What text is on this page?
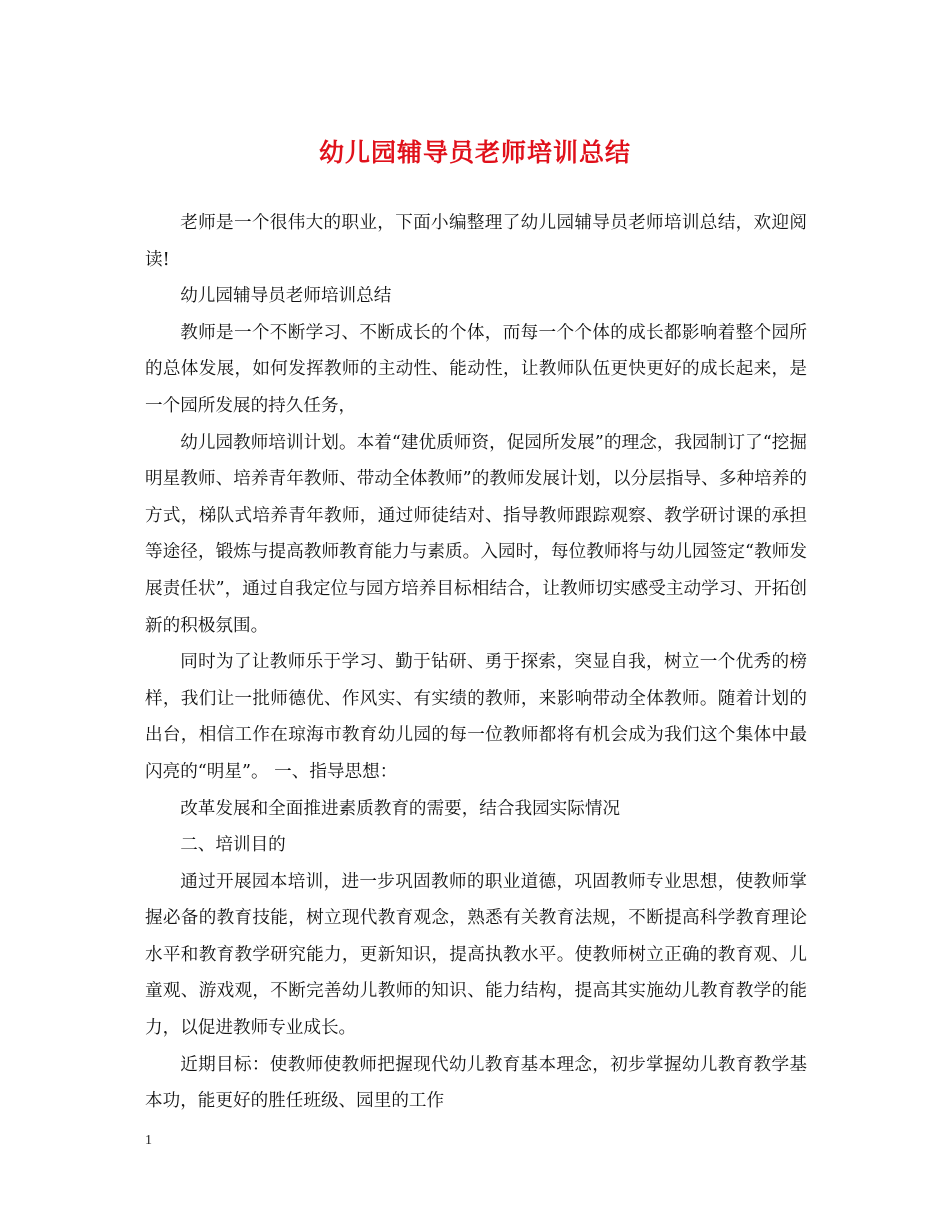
幼儿园辅导员老师培训总结

老师是一个很伟大的职业，下面小编整理了幼儿园辅导员老师培训总结，欢迎阅读!

幼儿园辅导员老师培训总结

教师是一个不断学习、不断成长的个体，而每一个个体的成长都影响着整个园所的总体发展，如何发挥教师的主动性、能动性，让教师队伍更快更好的成长起来，是一个园所发展的持久任务，

幼儿园教师培训计划。本着“建优质师资，促园所发展”的理念，我园制订了“挖掘明星教师、培养青年教师、带动全体教师”的教师发展计划，以分层指导、多种培养的方式，梯队式培养青年教师，通过师徒结对、指导教师跟踪观察、教学研讨课的承担等途径，锻炼与提高教师教育能力与素质。入园时，每位教师将与幼儿园签定“教师发展责任状”，通过自我定位与园方培养目标相结合，让教师切实感受主动学习、开拓创新的积极氛围。

同时为了让教师乐于学习、勤于钻研、勇于探索，突显自我，树立一个优秀的榜样，我们让一批师德优、作风实、有实绩的教师，来影响带动全体教师。随着计划的出台，相信工作在琼海市教育幼儿园的每一位教师都将有机会成为我们这个集体中最闪亮的“明星”。 一、指导思想：

改革发展和全面推进素质教育的需要，结合我园实际情况

二、培训目的

通过开展园本培训，进一步巩固教师的职业道德，巩固教师专业思想，使教师掌握必备的教育技能，树立现代教育观念，熟悉有关教育法规，不断提高科学教育理论水平和教育教学研究能力，更新知识，提高执教水平。使教师树立正确的教育观、儿童观、游戏观，不断完善幼儿教师的知识、能力结构，提高其实施幼儿教育教学的能力，以促进教师专业成长。

近期目标：使教师使教师把握现代幼儿教育基本理念，初步掌握幼儿教育教学基本功，能更好的胜任班级、园里的工作

1
